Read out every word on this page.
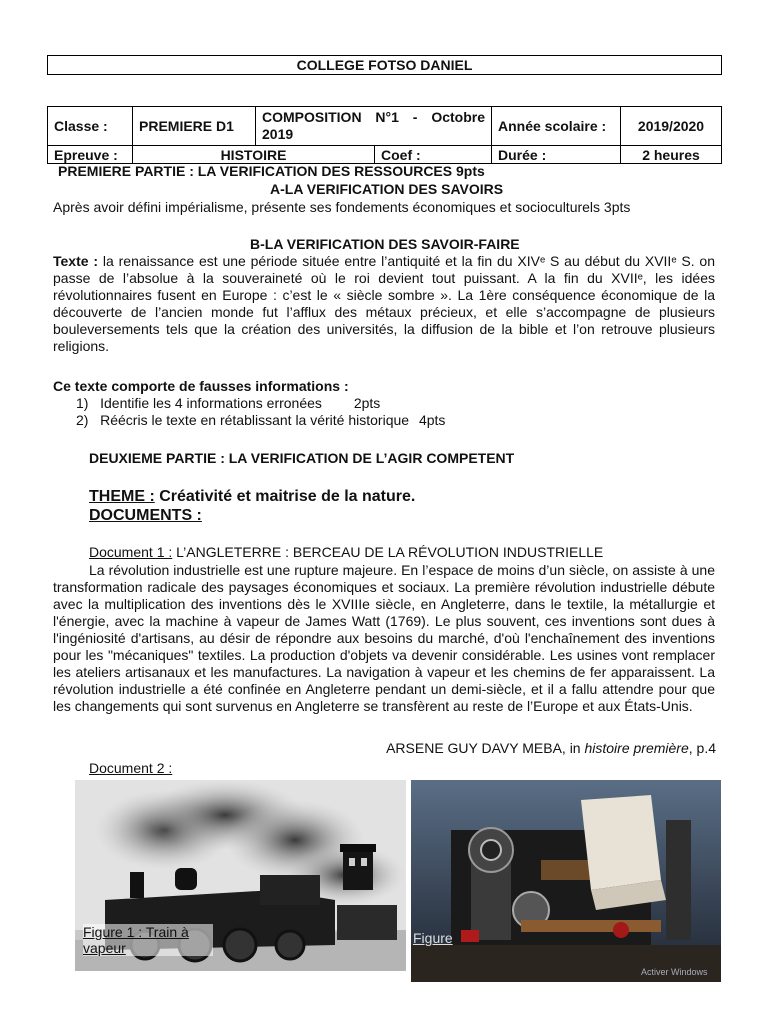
COLLEGE FOTSO DANIEL
Classe :	PREMIERE D1	COMPOSITION N°1 - Octobre 2019		Année scolaire :	2019/2020
Epreuve :	HISTOIRE		Coef :	Durée :	2 heures
PREMIERE PARTIE : LA VERIFICATION DES RESSOURCES 9pts
A-LA VERIFICATION DES SAVOIRS
Après avoir défini impérialisme, présente ses fondements économiques et socioculturels 3pts
B-LA VERIFICATION DES SAVOIR-FAIRE

Texte : la renaissance est une période située entre l’antiquité et la fin du XIVᵉ S au début du XVIIᵉ S. on passe de l’absolue à la souveraineté où le roi devient tout puissant. A la fin du XVIIᵉ, les idées révolutionnaires fusent en Europe : c’est le « siècle sombre ». La 1ère conséquence économique de la découverte de l’ancien monde fut l’afflux des métaux précieux, et elle s’accompagne de plusieurs bouleversements tels que la création des universités, la diffusion de la bible et l’on retrouve plusieurs religions.

Ce texte comporte de fausses informations :
1) Identifie les 4 informations erronées 2pts
2) Réécris le texte en rétablissant la vérité historique 4pts
DEUXIEME PARTIE : LA VERIFICATION DE L’AGIR COMPETENT
THEME : Créativité et maitrise de la nature.
DOCUMENTS :
Document 1 : L’ANGLETERRE : BERCEAU DE LA RÉVOLUTION INDUSTRIELLE
La révolution industrielle est une rupture majeure. En l’espace de moins d’un siècle, on assiste à une transformation radicale des paysages économiques et sociaux. La première révolution industrielle débute avec la multiplication des inventions dès le XVIIIe siècle, en Angleterre, dans le textile, la métallurgie et l'énergie, avec la machine à vapeur de James Watt (1769). Le plus souvent, ces inventions sont dues à l'ingéniosité d'artisans, au désir de répondre aux besoins du marché, d'où l'enchaînement des inventions pour les "mécaniques" textiles. La production d'objets va devenir considérable. Les usines vont remplacer les ateliers artisanaux et les manufactures. La navigation à vapeur et les chemins de fer apparaissent. La révolution industrielle a été confinée en Angleterre pendant un demi-siècle, et il a fallu attendre pour que les changements qui sont survenus en Angleterre se transfèrent au reste de l’Europe et aux États-Unis.
ARSENE GUY DAVY MEBA, in histoire première, p.4
Document 2 :
Figure 1 : Train à vapeur
Figure
Activer Windows
